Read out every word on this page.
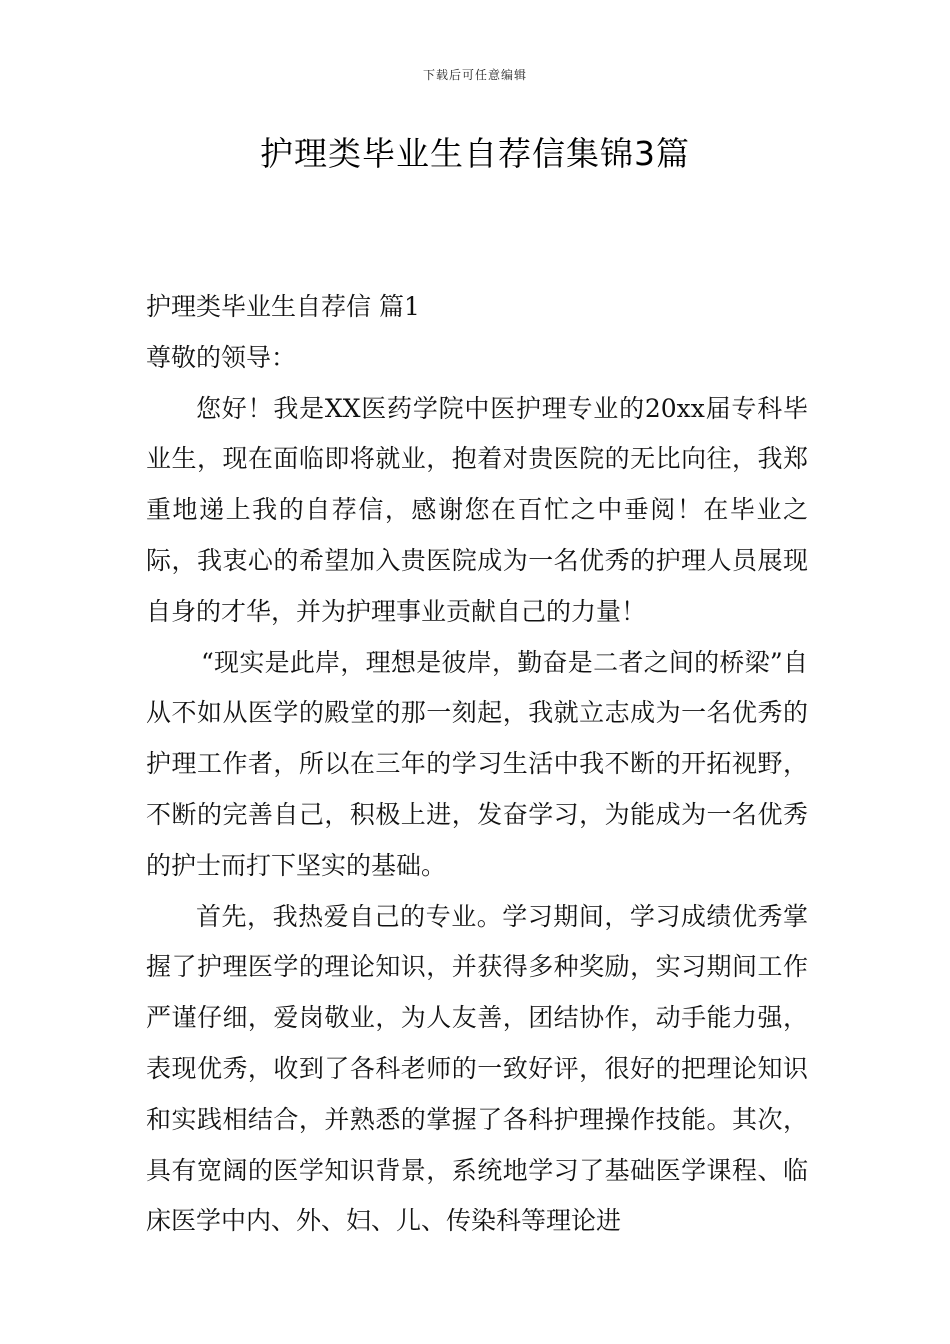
下载后可任意编辑
护理类毕业生自荐信集锦3篇

护理类毕业生自荐信 篇1

尊敬的领导：

您好！我是XX医药学院中医护理专业的20xx届专科毕业生，现在面临即将就业，抱着对贵医院的无比向往，我郑重地递上我的自荐信，感谢您在百忙之中垂阅！在毕业之际，我衷心的希望加入贵医院成为一名优秀的护理人员展现自身的才华，并为护理事业贡献自己的力量！

“现实是此岸，理想是彼岸，勤奋是二者之间的桥梁”自从不如从医学的殿堂的那一刻起，我就立志成为一名优秀的护理工作者，所以在三年的学习生活中我不断的开拓视野，不断的完善自己，积极上进，发奋学习，为能成为一名优秀的护士而打下坚实的基础。

首先，我热爱自己的专业。学习期间，学习成绩优秀掌握了护理医学的理论知识，并获得多种奖励，实习期间工作严谨仔细，爱岗敬业，为人友善，团结协作，动手能力强，表现优秀，收到了各科老师的一致好评，很好的把理论知识和实践相结合，并熟悉的掌握了各科护理操作技能。其次，具有宽阔的医学知识背景，系统地学习了基础医学课程、临床医学中内、外、妇、儿、传染科等理论进
